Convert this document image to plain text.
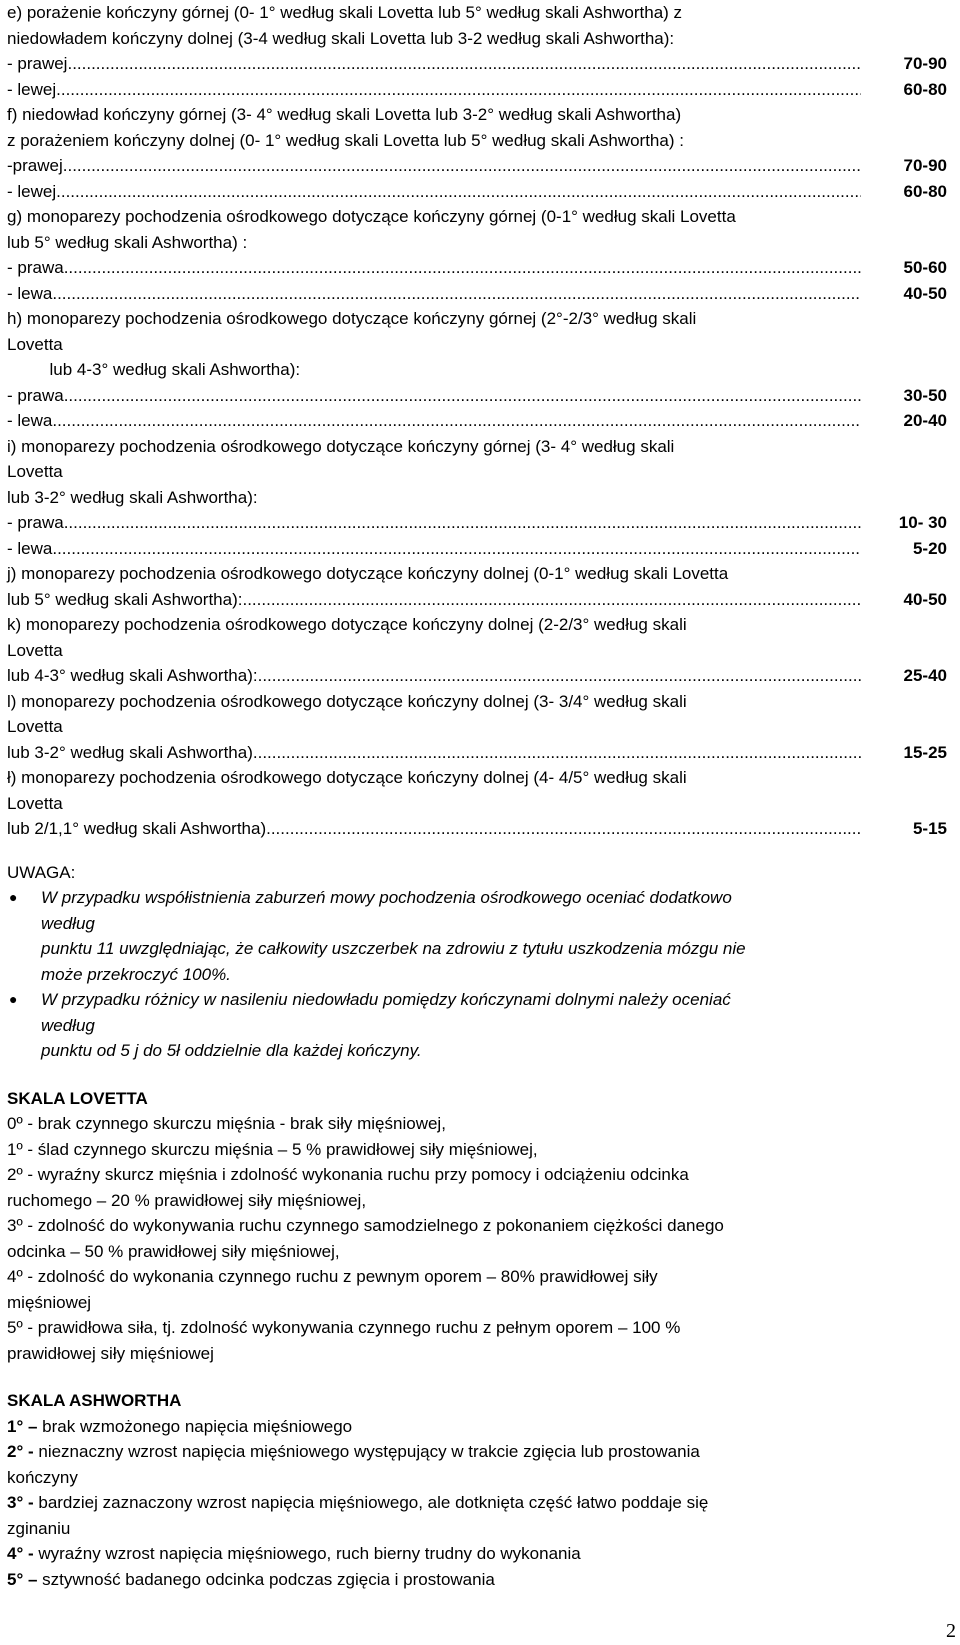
e) porażenie kończyny górnej (0- 1° według skali Lovetta lub 5° według skali Ashwortha) z
niedowładem kończyny dolnej (3-4 według skali Lovetta lub 3-2 według skali Ashwortha):
- prawej .....	70-90
- lewej .....	60-80
f) niedowład kończyny górnej (3- 4° według skali Lovetta lub 3-2° według skali Ashwortha)
z porażeniem kończyny dolnej (0- 1° według skali Lovetta lub 5° według skali Ashwortha) :
-prawej .....	70-90
- lewej .....	60-80
g) monoparezy pochodzenia ośrodkowego dotyczące kończyny górnej (0-1° według skali Lovetta
lub 5° według skali Ashwortha) :
- prawa .....	50-60
- lewa .....	40-50
h) monoparezy pochodzenia ośrodkowego dotyczące kończyny górnej (2°-2/3° według skali
Lovetta
lub 4-3° według skali Ashwortha):
- prawa .....	30-50
- lewa .....	20-40
i) monoparezy pochodzenia ośrodkowego dotyczące kończyny górnej (3- 4° według skali
Lovetta
lub 3-2° według skali Ashwortha):
- prawa .....	10- 30
- lewa .....	5-20
j) monoparezy pochodzenia ośrodkowego dotyczące kończyny dolnej (0-1° według skali Lovetta
lub 5° według skali Ashwortha): .....	40-50
k) monoparezy pochodzenia ośrodkowego dotyczące kończyny dolnej (2-2/3° według skali
Lovetta
lub 4-3° według skali Ashwortha): .....	25-40
l) monoparezy pochodzenia ośrodkowego dotyczące kończyny dolnej (3- 3/4° według skali
Lovetta
lub 3-2° według skali Ashwortha) .....	15-25
ł) monoparezy pochodzenia ośrodkowego dotyczące kończyny dolnej (4- 4/5° według skali
Lovetta
lub 2/1,1° według skali Ashwortha) .....	5-15
UWAGA:
●	W przypadku współistnienia zaburzeń mowy pochodzenia ośrodkowego oceniać dodatkowo
według
punktu 11 uwzględniając, że całkowity uszczerbek na zdrowiu z tytułu uszkodzenia mózgu nie
może przekroczyć 100%.
●	W przypadku różnicy w nasileniu niedowładu pomiędzy kończynami dolnymi należy oceniać
według
punktu od 5 j do 5ł oddzielnie dla każdej kończyny.
SKALA LOVETTA
0º - brak czynnego skurczu mięśnia - brak siły mięśniowej,
1º - ślad czynnego skurczu mięśnia – 5 % prawidłowej siły mięśniowej,
2º - wyraźny skurcz mięśnia i zdolność wykonania ruchu przy pomocy i odciążeniu odcinka
ruchomego – 20 % prawidłowej siły mięśniowej,
3º - zdolność do wykonywania ruchu czynnego samodzielnego z pokonaniem ciężkości danego
odcinka – 50 % prawidłowej siły mięśniowej,
4º - zdolność do wykonania czynnego ruchu z pewnym oporem – 80% prawidłowej siły
mięśniowej
5º - prawidłowa siła, tj. zdolność wykonywania czynnego ruchu z pełnym oporem – 100 %
prawidłowej siły mięśniowej
SKALA ASHWORTHA
1° – brak wzmożonego napięcia mięśniowego
2° - nieznaczny wzrost napięcia mięśniowego występujący w trakcie zgięcia lub prostowania
kończyny
3° - bardziej zaznaczony wzrost napięcia mięśniowego, ale dotknięta część łatwo poddaje się
zginaniu
4° - wyraźny wzrost napięcia mięśniowego, ruch bierny trudny do wykonania
5° – sztywność badanego odcinka podczas zgięcia i prostowania
2
